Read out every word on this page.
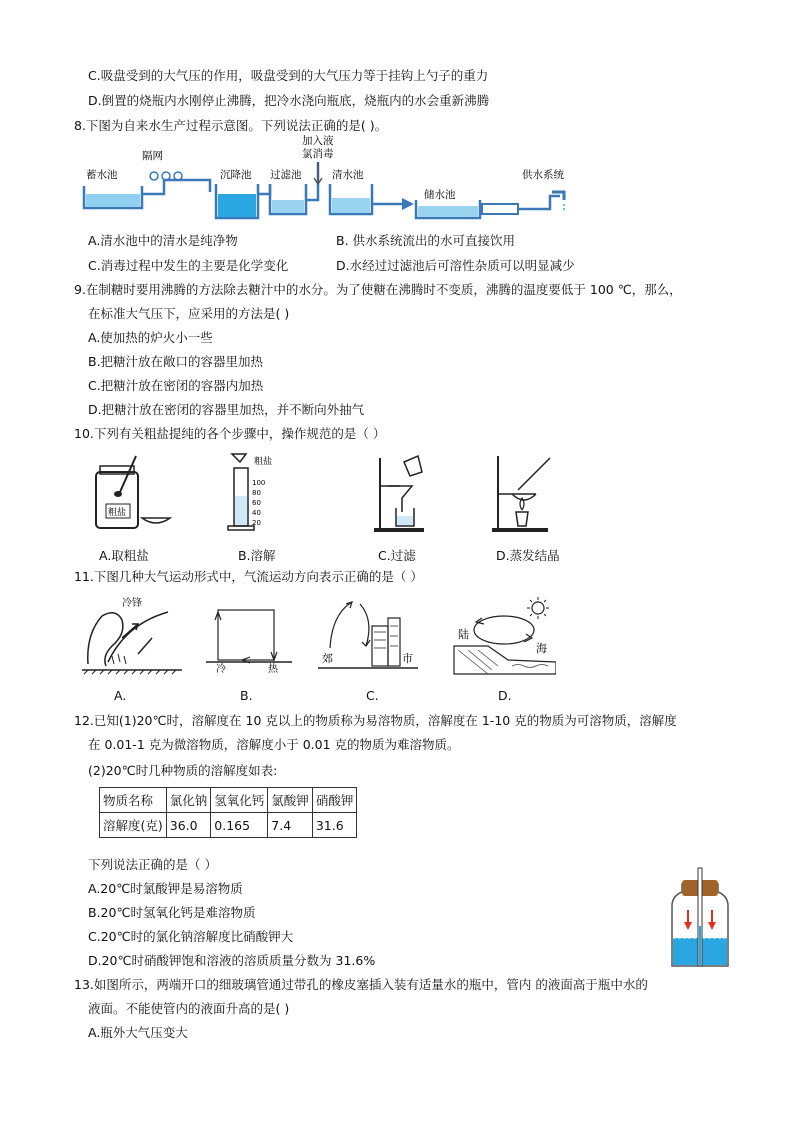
C.吸盘受到的大气压的作用，吸盘受到的大气压力等于挂钩上勺子的重力
D.倒置的烧瓶内水刚停止沸腾，把冷水浇向瓶底，烧瓶内的水会重新沸腾
8.下图为自来水生产过程示意图。下列说法正确的是( )。
加入液
氯消毒
蓄水池
隔网
沉降池 过滤池	清水池
储水池
供水系统
A.清水池中的清水是纯净物	B. 供水系统流出的水可直接饮用
C.消毒过程中发生的主要是化学变化	D.水经过过滤池后可溶性杂质可以明显减少
9.在制糖时要用沸腾的方法除去糖汁中的水分。为了使糖在沸腾时不变质，沸腾的温度要低于 100 ℃，那么，
在标准大气压下，应采用的方法是( )
A.使加热的炉火小一些
B.把糖汁放在敞口的容器里加热
C.把糖汁放在密闭的容器内加热
D.把糖汁放在密闭的容器里加热，并不断向外抽气
10.下列有关粗盐提纯的各个步骤中，操作规范的是（ ）
粗盐
粗盐
100
80
60
40
20
A.取粗盐	B.溶解	C.过滤	D.蒸发结晶
11.下图几种大气运动形式中，气流运动方向表示正确的是（ ）
冷锋
冷	热
郊	市
陆
海
A.	B.	C.	D.
12.已知(1)20℃时，溶解度在 10 克以上的物质称为易溶物质，溶解度在 1-10 克的物质为可溶物质，溶解度
在 0.01-1 克为微溶物质，溶解度小于 0.01 克的物质为难溶物质。
(2)20℃时几种物质的溶解度如表:
物质名称	氯化钠	氢氧化钙	氯酸钾	硝酸钾
溶解度(克)	36.0	0.165	7.4	31.6
下列说法正确的是（ ）
A.20℃时氯酸钾是易溶物质
B.20℃时氢氧化钙是难溶物质
C.20℃时的氯化钠溶解度比硝酸钾大
D.20℃时硝酸钾饱和溶液的溶质质量分数为 31.6%
13.如图所示，两端开口的细玻璃管通过带孔的橡皮塞插入装有适量水的瓶中，管内 的液面高于瓶中水的
液面。不能使管内的液面升高的是( )
A.瓶外大气压变大
